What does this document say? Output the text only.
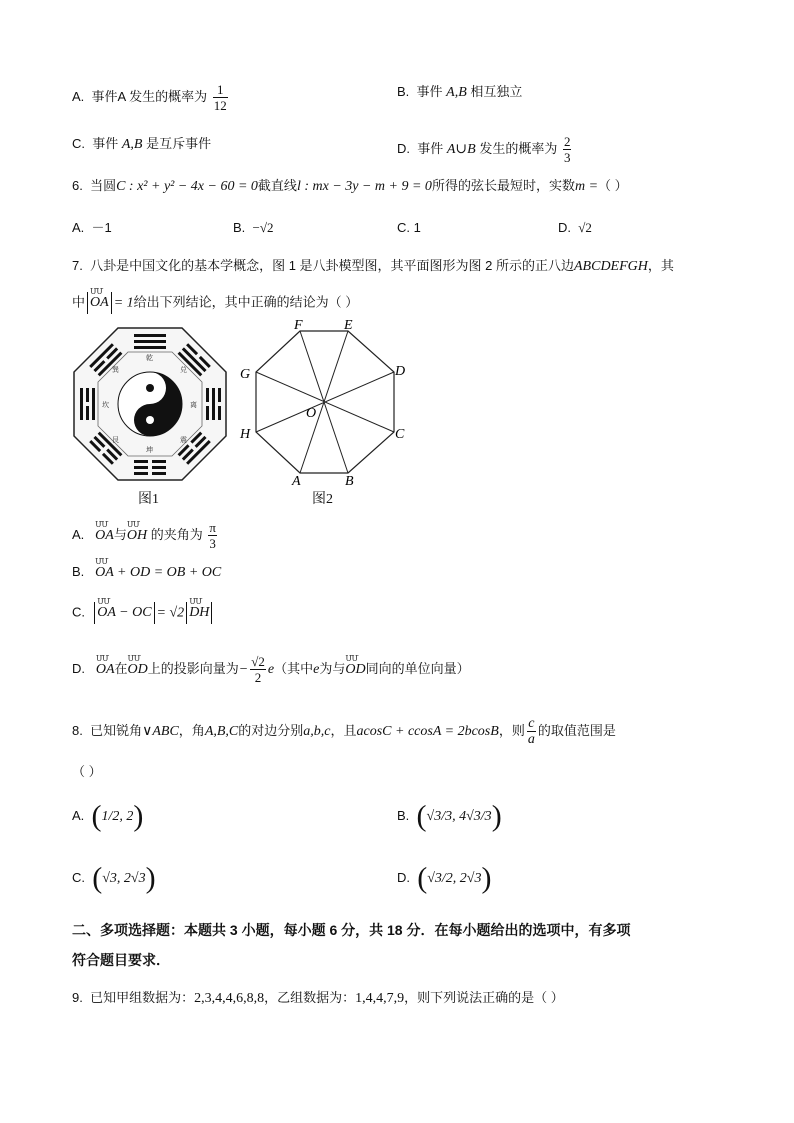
A. 事件A 发生的概率为 $\frac{1}{12}$	B. 事件 A,B 相互独立
C. 事件 A,B 是互斥事件	D. 事件 A∪B 发生的概率为 $\frac{2}{3}$
6. 当圆C : x² + y² − 4x − 60 = 0截直线l : mx − 3y − m + 9 = 0所得的弦长最短时，实数m =（ ）
A. －1	B. −√2	C. 1	D. √2
7. 八卦是中国文化的基本学概念，图 1 是八卦模型图，其平面图形为图 2 所示的正八边ABCDEFGH，其
中 ՄՄ OA = 1给出下列结论，其中正确的结论为（ ）
乾
坎	离
坤
巽	兑
艮	震
图1
F	E
D
C
B
A
H
G
O
图2
A. ՄՄ OA与ՄՄ OH 的夹角为 $\frac{\pi}{3}$
B. ՄՄ OA + OD = OB + OC
C. ՄՄ OA − OC = √2 ՄՄ DH
D. ՄՄ OA在ՄՄ OD上的投影向量为− $\frac{√2}{2} e$（其中e为与ՄՄ OD同向的单位向量）
8. 已知锐角∨ABC，角A,B,C的对边分别a,b,c，且acosC + ccosA = 2bcosB，则 $\frac{c}{a}$ 的取值范围是
（ ）
A. (1/2, 2)	B. (√3/3, 4√3/3)
C. (√3, 2√3)	D. (√3/2, 2√3)
二、多项选择题：本题共 3 小题，每小题 6 分，共 18 分．在每小题给出的选项中，有多项
符合题目要求．
9. 已知甲组数据为：2,3,4,4,6,8,8，乙组数据为：1,4,4,7,9，则下列说法正确的是（ ）
